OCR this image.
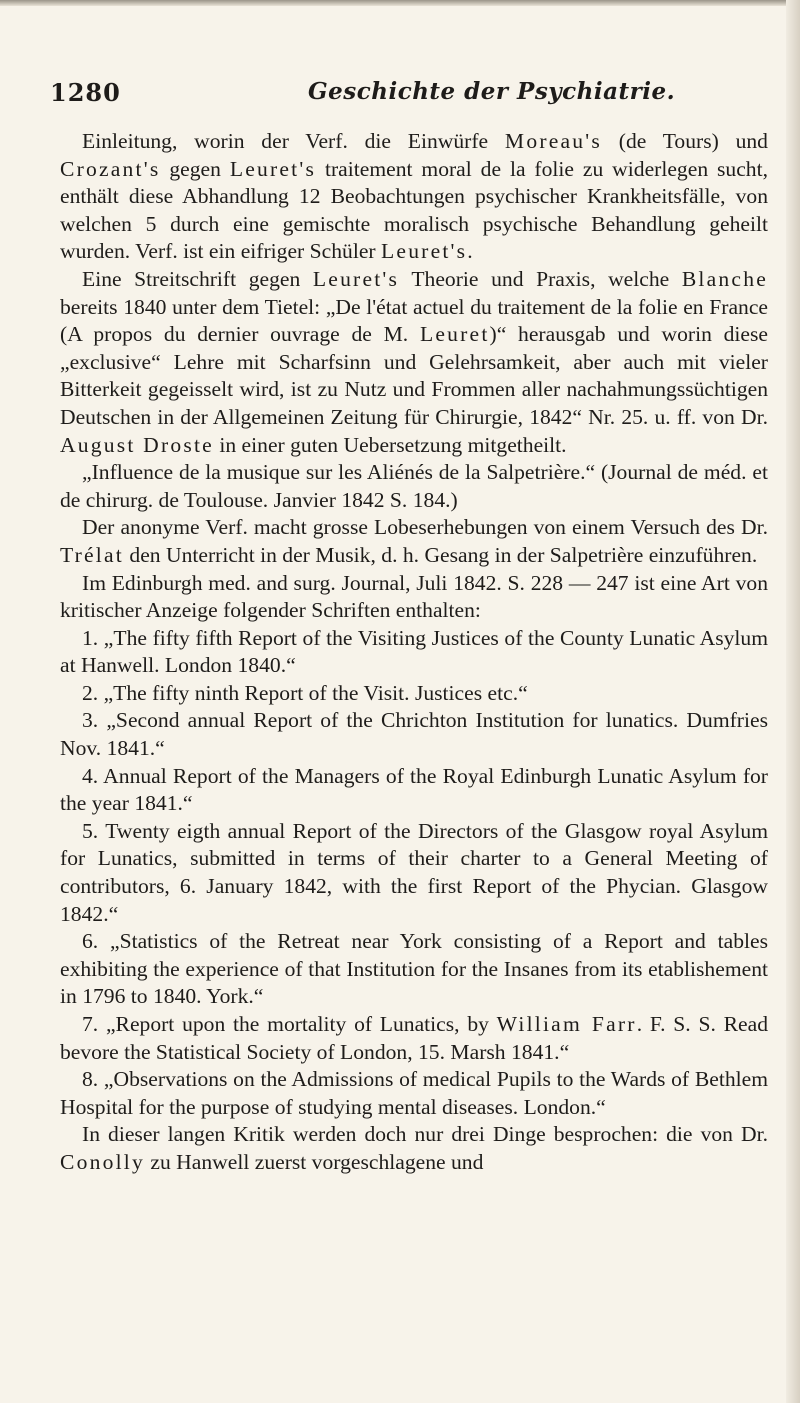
1280	Geschichte der Psychiatrie.

Einleitung, worin der Verf. die Einwürfe Moreau's (de Tours) und Crozant's gegen Leuret's traitement moral de la folie zu widerlegen sucht, enthält diese Abhandlung 12 Beobachtungen psychischer Krankheitsfälle, von welchen 5 durch eine gemischte moralisch psychische Behandlung geheilt wurden. Verf. ist ein eifriger Schüler Leuret's.

Eine Streitschrift gegen Leuret's Theorie und Praxis, welche Blanche bereits 1840 unter dem Tietel: „De l'état actuel du traitement de la folie en France (A propos du dernier ouvrage de M. Leuret)“ herausgab und worin diese „exclusive“ Lehre mit Scharfsinn und Gelehrsamkeit, aber auch mit vieler Bitterkeit gegeisselt wird, ist zu Nutz und Frommen aller nachahmungssüchtigen Deutschen in der Allgemeinen Zeitung für Chirurgie, 1842“ Nr. 25. u. ff. von Dr. August Droste in einer guten Uebersetzung mitgetheilt.

„Influence de la musique sur les Aliénés de la Salpetrière.“ (Journal de méd. et de chirurg. de Toulouse. Janvier 1842 S. 184.)

Der anonyme Verf. macht grosse Lobeserhebungen von einem Versuch des Dr. Trélat den Unterricht in der Musik, d. h. Gesang in der Salpetrière einzuführen.

Im Edinburgh med. and surg. Journal, Juli 1842. S. 228 — 247 ist eine Art von kritischer Anzeige folgender Schriften enthalten:

1. „The fifty fifth Report of the Visiting Justices of the County Lunatic Asylum at Hanwell. London 1840.“

2. „The fifty ninth Report of the Visit. Justices etc.“

3. „Second annual Report of the Chrichton Institution for lunatics. Dumfries Nov. 1841.“

4. Annual Report of the Managers of the Royal Edinburgh Lunatic Asylum for the year 1841.“

5. Twenty eigth annual Report of the Directors of the Glasgow royal Asylum for Lunatics, submitted in terms of their charter to a General Meeting of contributors, 6. January 1842, with the first Report of the Phycian. Glasgow 1842.“

6. „Statistics of the Retreat near York consisting of a Report and tables exhibiting the experience of that Institution for the Insanes from its etablishement in 1796 to 1840. York.“

7. „Report upon the mortality of Lunatics, by William Farr. F. S. S. Read bevore the Statistical Society of London, 15. Marsh 1841.“

8. „Observations on the Admissions of medical Pupils to the Wards of Bethlem Hospital for the purpose of studying mental diseases. London.“

In dieser langen Kritik werden doch nur drei Dinge besprochen: die von Dr. Conolly zu Hanwell zuerst vorgeschlagene und
